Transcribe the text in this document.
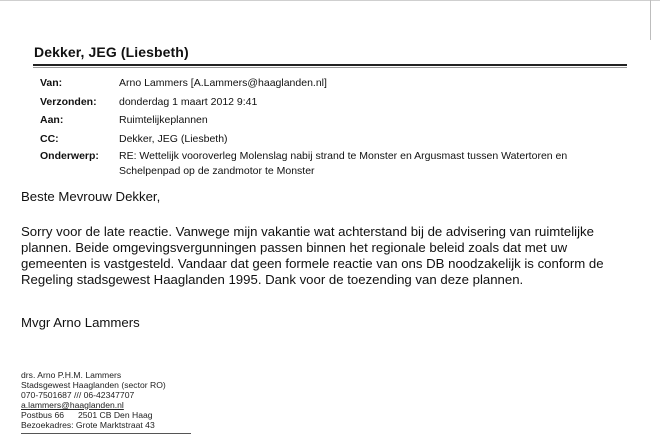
Dekker, JEG (Liesbeth)
Van:	Arno Lammers [A.Lammers@haaglanden.nl]
Verzonden:	donderdag 1 maart 2012 9:41
Aan:	Ruimtelijkeplannen
CC:	Dekker, JEG (Liesbeth)
Onderwerp:	RE: Wettelijk vooroverleg Molenslag nabij strand te Monster en Argusmast tussen Watertoren en Schelpenpad op de zandmotor te Monster
Beste Mevrouw Dekker,
Sorry voor de late reactie. Vanwege mijn vakantie wat achterstand bij de advisering van ruimtelijke plannen. Beide omgevingsvergunningen passen binnen het regionale beleid zoals dat met uw gemeenten is vastgesteld. Vandaar dat geen formele reactie van ons DB noodzakelijk is conform de Regeling stadsgewest Haaglanden 1995. Dank voor de toezending van deze plannen.
Mvgr Arno Lammers
drs. Arno P.H.M. Lammers
Stadsgewest Haaglanden (sector RO)
070-7501687 /// 06-42347707
a.lammers@haaglanden.nl
Postbus 66 2501 CB Den Haag
Bezoekadres: Grote Marktstraat 43
